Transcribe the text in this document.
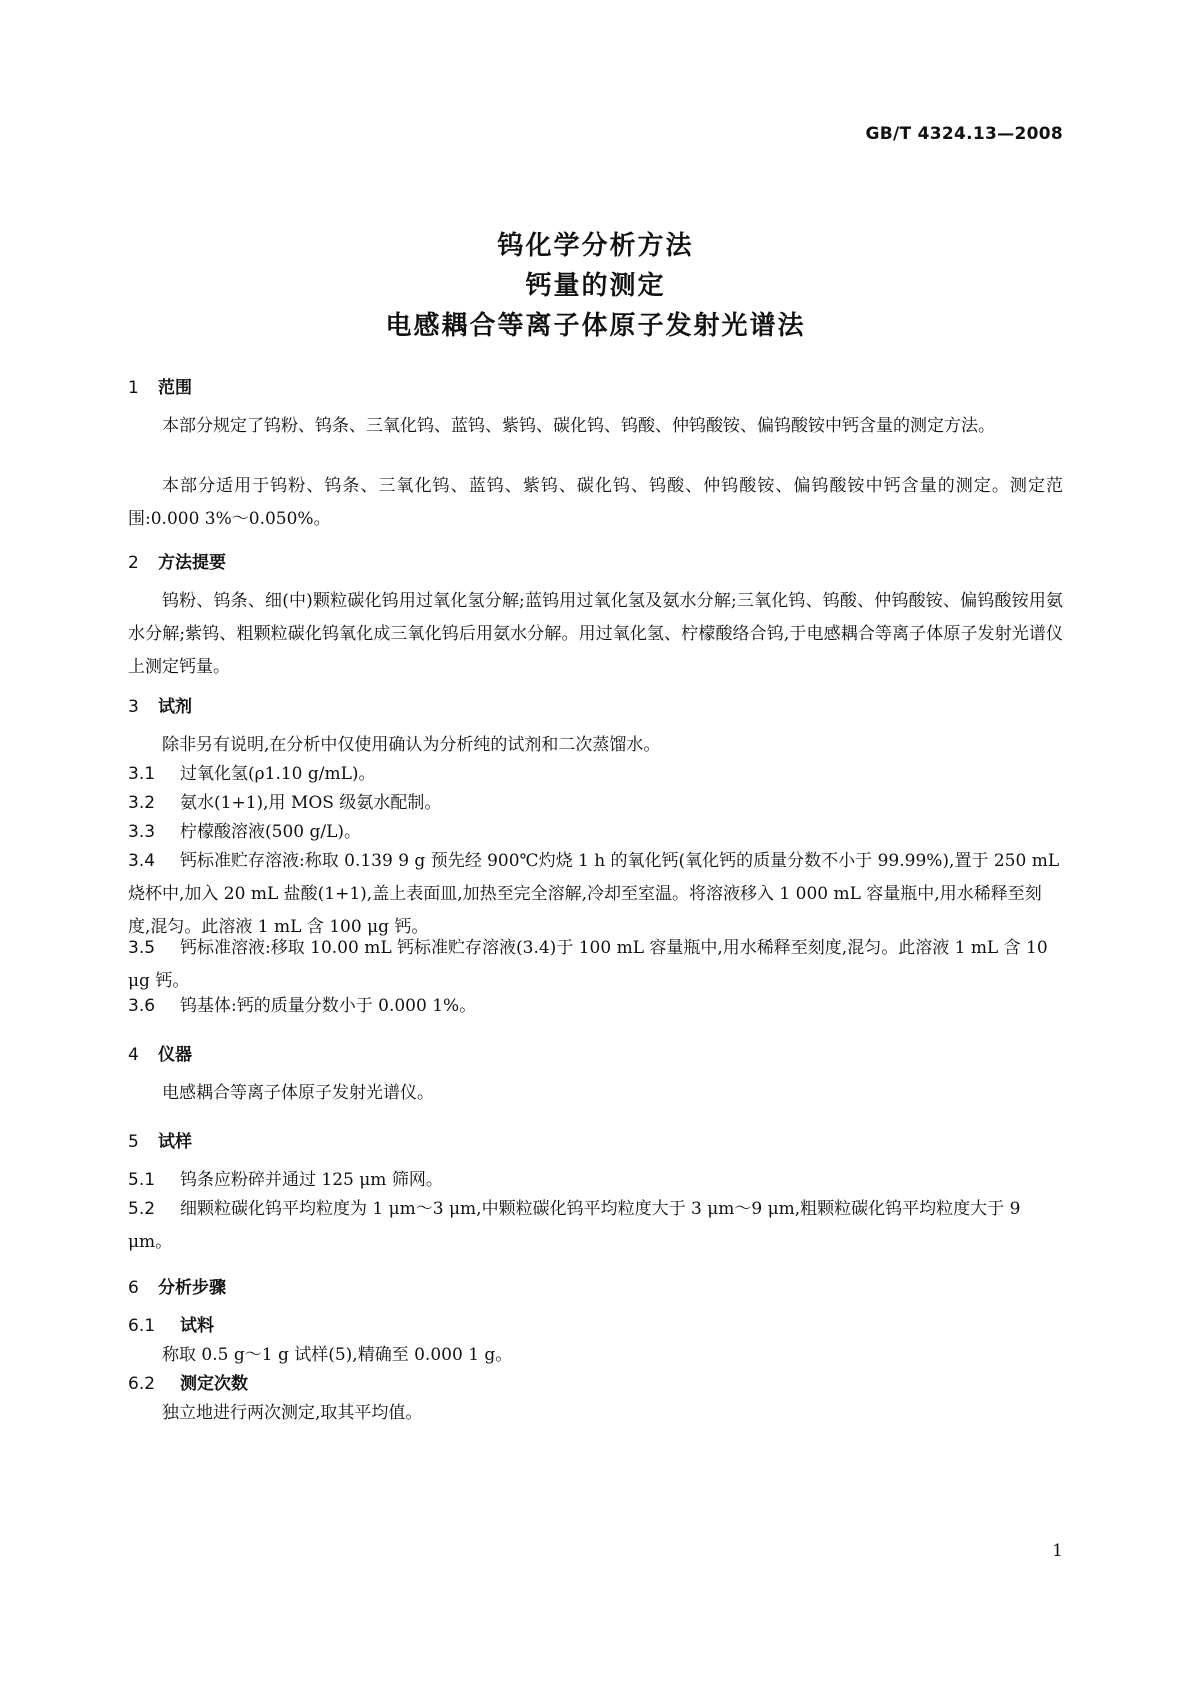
GB/T 4324.13—2008
钨化学分析方法
钙量的测定
电感耦合等离子体原子发射光谱法
1 范围

本部分规定了钨粉、钨条、三氧化钨、蓝钨、紫钨、碳化钨、钨酸、仲钨酸铵、偏钨酸铵中钙含量的测定方法。

本部分适用于钨粉、钨条、三氧化钨、蓝钨、紫钨、碳化钨、钨酸、仲钨酸铵、偏钨酸铵中钙含量的测定。测定范围:0.000 3%～0.050%。

2 方法提要

钨粉、钨条、细(中)颗粒碳化钨用过氧化氢分解;蓝钨用过氧化氢及氨水分解;三氧化钨、钨酸、仲钨酸铵、偏钨酸铵用氨水分解;紫钨、粗颗粒碳化钨氧化成三氧化钨后用氨水分解。用过氧化氢、柠檬酸络合钨,于电感耦合等离子体原子发射光谱仪上测定钙量。

3 试剂

除非另有说明,在分析中仅使用确认为分析纯的试剂和二次蒸馏水。

3.1 过氧化氢(ρ1.10 g/mL)。
3.2 氨水(1+1),用 MOS 级氨水配制。
3.3 柠檬酸溶液(500 g/L)。
3.4 钙标准贮存溶液:称取 0.139 9 g 预先经 900℃灼烧 1 h 的氧化钙(氧化钙的质量分数不小于 99.99%),置于 250 mL 烧杯中,加入 20 mL 盐酸(1+1),盖上表面皿,加热至完全溶解,冷却至室温。将溶液移入 1 000 mL 容量瓶中,用水稀释至刻度,混匀。此溶液 1 mL 含 100 μg 钙。
3.5 钙标准溶液:移取 10.00 mL 钙标准贮存溶液(3.4)于 100 mL 容量瓶中,用水稀释至刻度,混匀。此溶液 1 mL 含 10 μg 钙。
3.6 钨基体:钙的质量分数小于 0.000 1%。
4 仪器

电感耦合等离子体原子发射光谱仪。

5 试样
5.1 钨条应粉碎并通过 125 μm 筛网。
5.2 细颗粒碳化钨平均粒度为 1 μm～3 μm,中颗粒碳化钨平均粒度大于 3 μm～9 μm,粗颗粒碳化钨平均粒度大于 9 μm。
6 分析步骤
6.1 试料

称取 0.5 g～1 g 试样(5),精确至 0.000 1 g。

6.2 测定次数

独立地进行两次测定,取其平均值。

1
